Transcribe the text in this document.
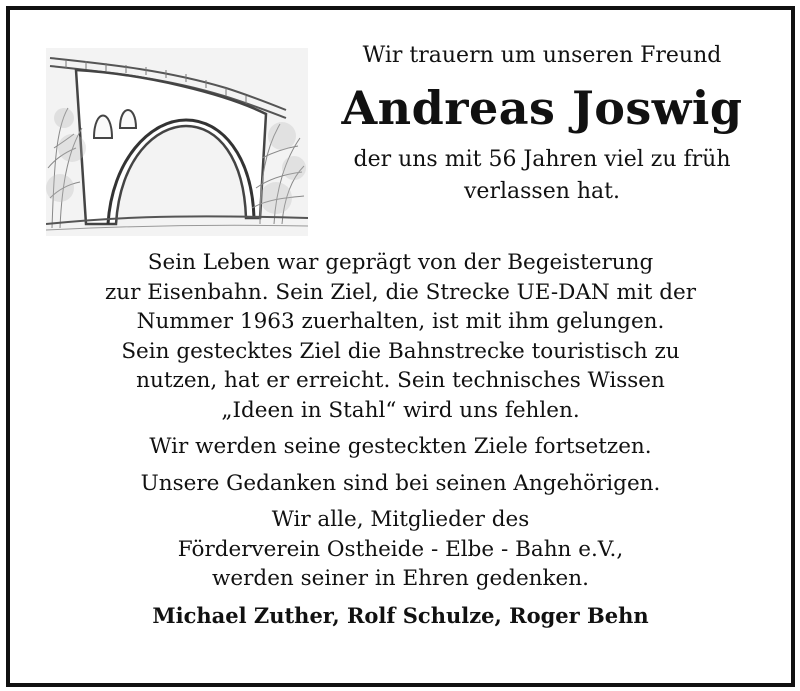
Wir trauern um unseren Freund
Andreas Joswig
der uns mit 56 Jahren viel zu früh
verlassen hat.

Sein Leben war geprägt von der Begeisterung

zur Eisenbahn. Sein Ziel, die Strecke UE-DAN mit der

Nummer 1963 zuerhalten, ist mit ihm gelungen.

Sein gestecktes Ziel die Bahnstrecke touristisch zu

nutzen, hat er erreicht. Sein technisches Wissen

„Ideen in Stahl“ wird uns fehlen.

Wir werden seine gesteckten Ziele fortsetzen.

Unsere Gedanken sind bei seinen Angehörigen.

Wir alle, Mitglieder des

Förderverein Ostheide - Elbe - Bahn e.V.,

werden seiner in Ehren gedenken.

Michael Zuther, Rolf Schulze, Roger Behn
